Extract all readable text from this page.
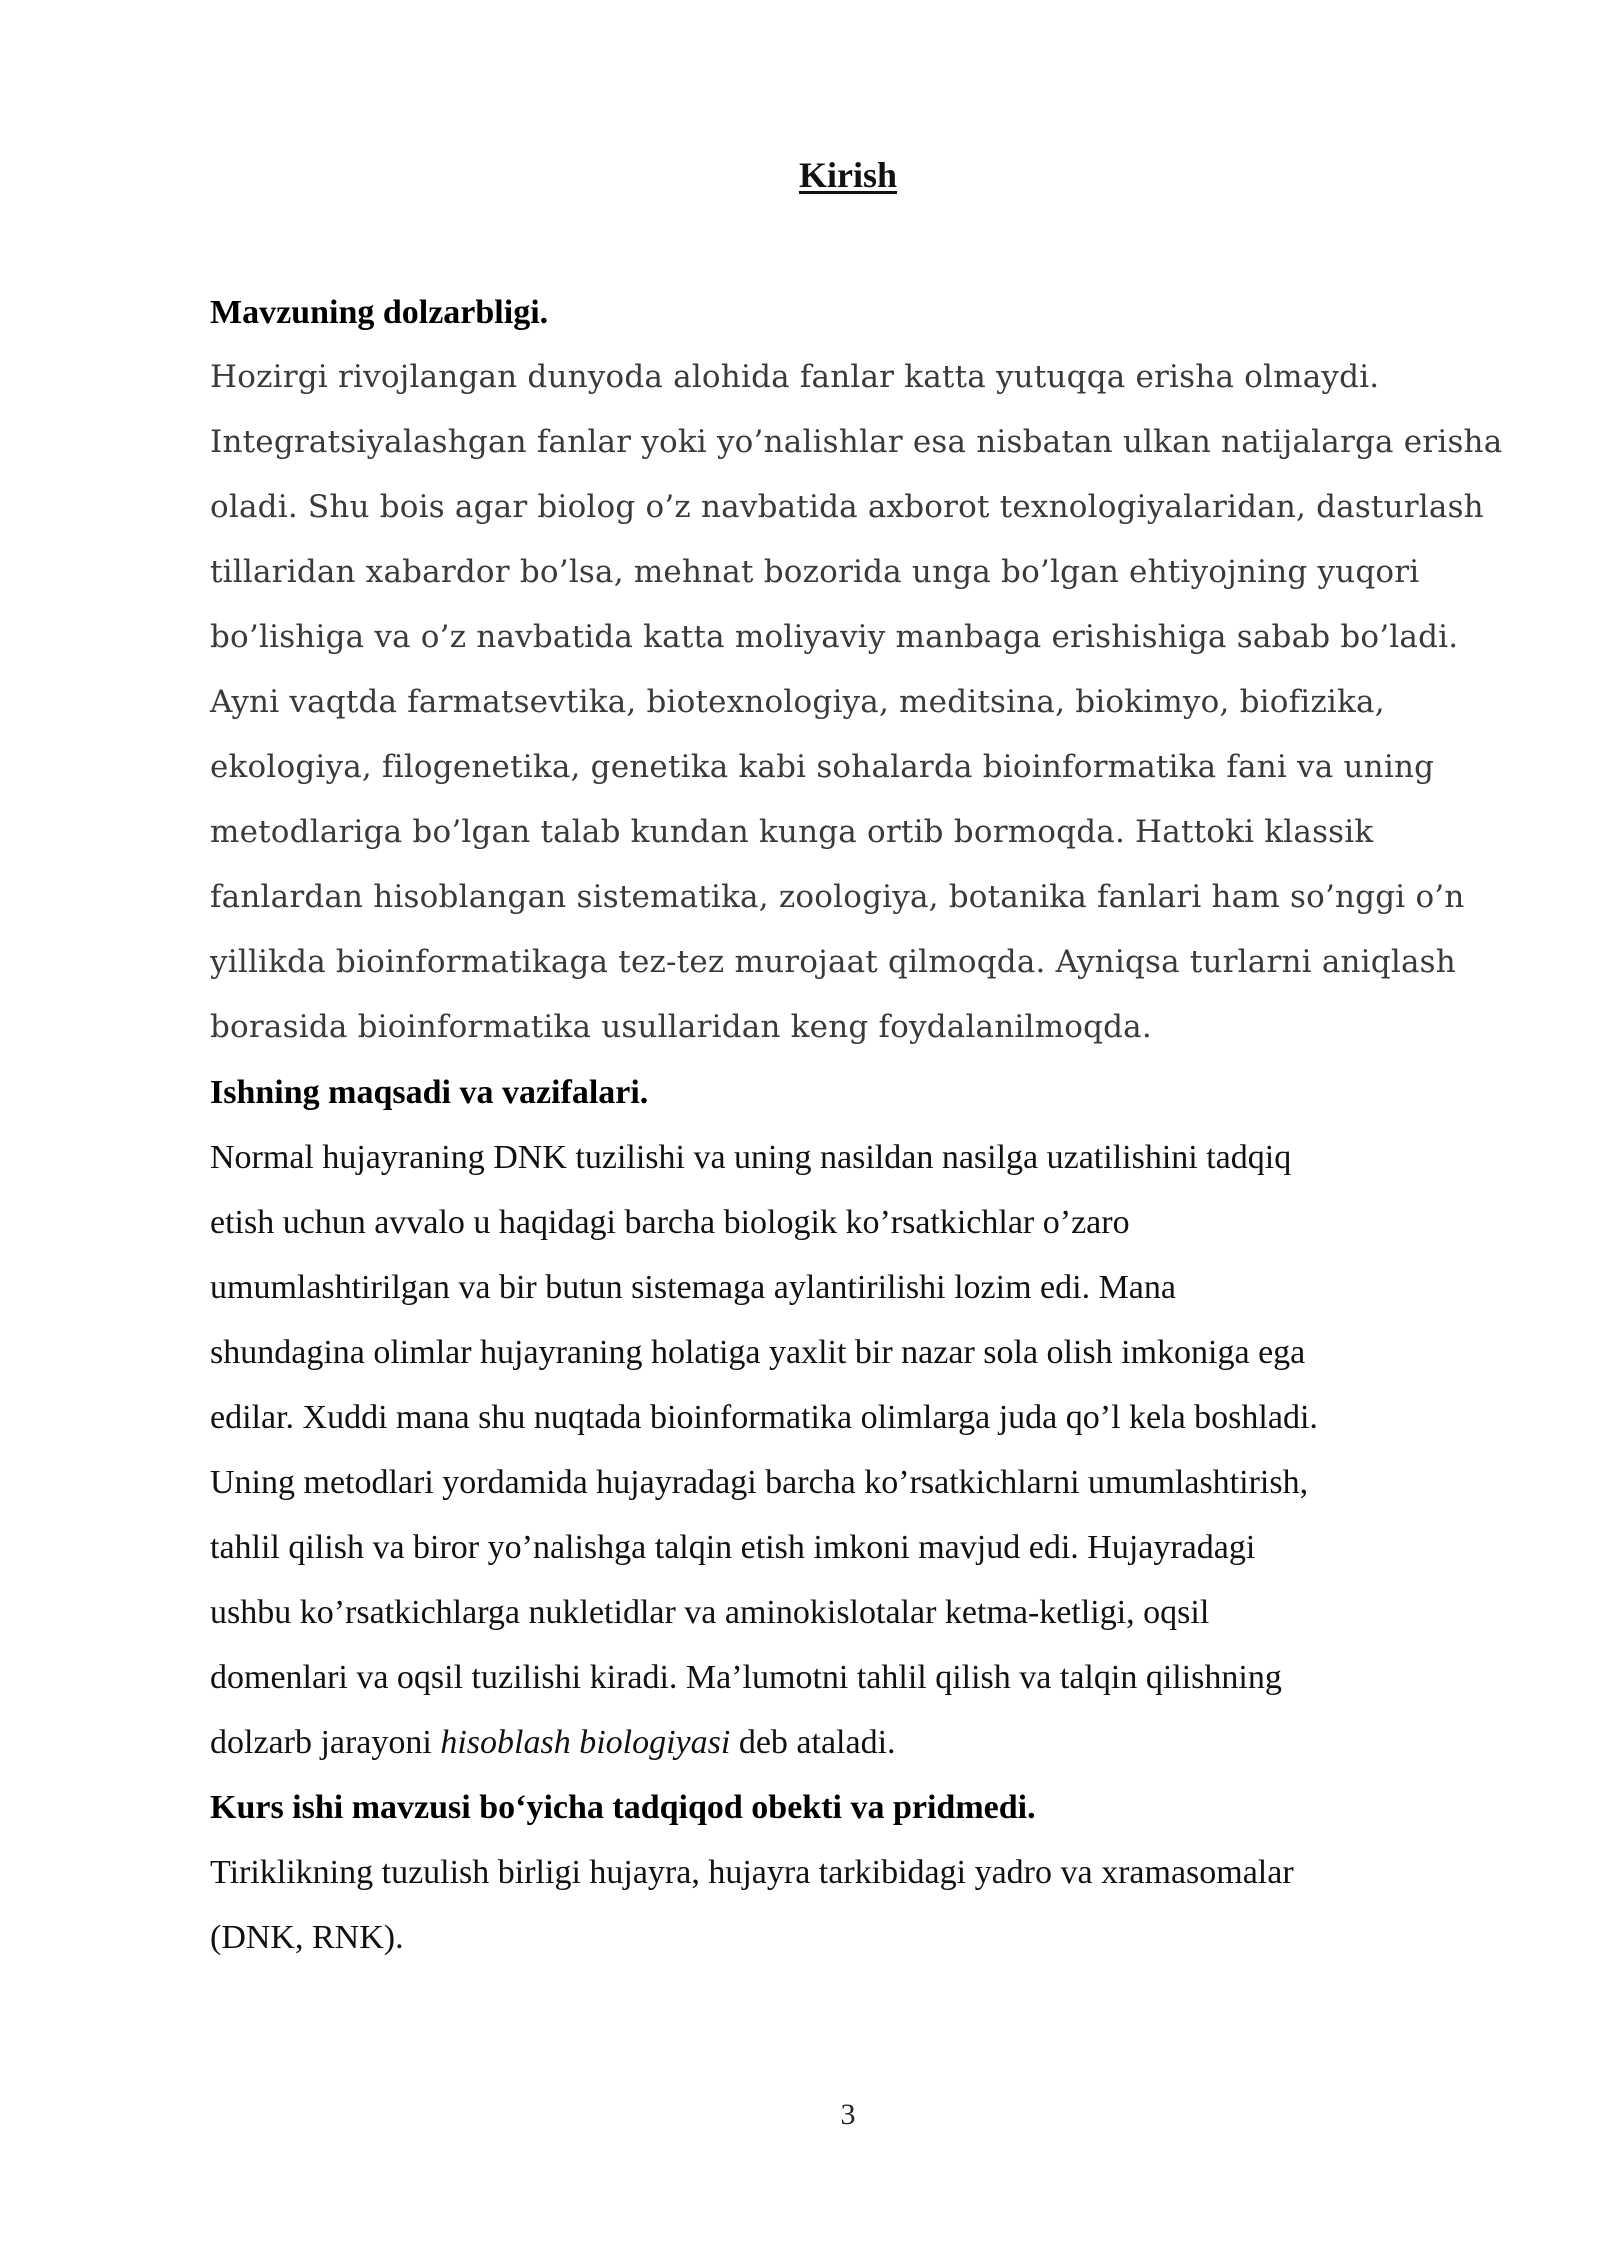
Kirish
Mavzuning dolzarbligi.
Hozirgi rivojlangan dunyoda alohida fanlar katta yutuqqa erisha olmaydi.
Integratsiyalashgan fanlar yoki yo’nalishlar esa nisbatan ulkan natijalarga erisha
oladi. Shu bois agar biolog o’z navbatida axborot texnologiyalaridan, dasturlash
tillaridan xabardor bo’lsa, mehnat bozorida unga bo’lgan ehtiyojning yuqori
bo’lishiga va o’z navbatida katta moliyaviy manbaga erishishiga sabab bo’ladi.
Ayni vaqtda farmatsevtika, biotexnologiya, meditsina, biokimyo, biofizika,
ekologiya, filogenetika, genetika kabi sohalarda bioinformatika fani va uning
metodlariga bo’lgan talab kundan kunga ortib bormoqda. Hattoki klassik
fanlardan hisoblangan sistematika, zoologiya, botanika fanlari ham so’nggi o’n
yillikda bioinformatikaga tez-tez murojaat qilmoqda. Ayniqsa turlarni aniqlash
borasida bioinformatika usullaridan keng foydalanilmoqda.
Ishning maqsadi va vazifalari.
Normal hujayraning DNK tuzilishi va uning nasildan nasilga uzatilishini tadqiq
etish uchun avvalo u haqidagi barcha biologik ko’rsatkichlar o’zaro
umumlashtirilgan va bir butun sistemaga aylantirilishi lozim edi. Mana
shundagina olimlar hujayraning holatiga yaxlit bir nazar sola olish imkoniga ega
edilar. Xuddi mana shu nuqtada bioinformatika olimlarga juda qo’l kela boshladi.
Uning metodlari yordamida hujayradagi barcha ko’rsatkichlarni umumlashtirish,
tahlil qilish va biror yo’nalishga talqin etish imkoni mavjud edi. Hujayradagi
ushbu ko’rsatkichlarga nukletidlar va aminokislotalar ketma-ketligi, oqsil
domenlari va oqsil tuzilishi kiradi. Ma’lumotni tahlil qilish va talqin qilishning
dolzarb jarayoni hisoblash biologiyasi deb ataladi.
Kurs ishi mavzusi bo‘yicha tadqiqod obekti va pridmedi.
Tiriklikning tuzulish birligi hujayra, hujayra tarkibidagi yadro va xramasomalar
(DNK, RNK).
3
